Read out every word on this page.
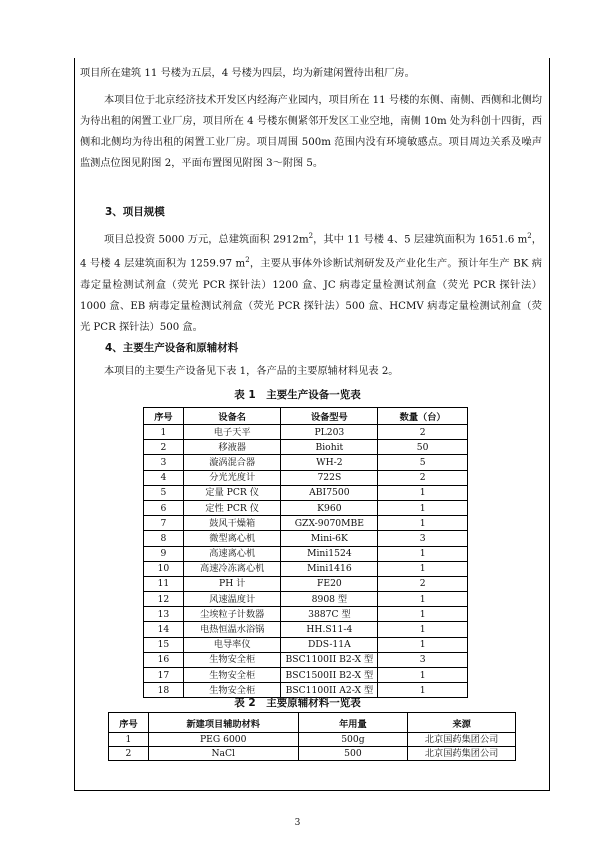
项目所在建筑 11 号楼为五层，4 号楼为四层，均为新建闲置待出租厂房。

本项目位于北京经济技术开发区内经海产业园内，项目所在 11 号楼的东侧、南侧、西侧和北侧均为待出租的闲置工业厂房，项目所在 4 号楼东侧紧邻开发区工业空地，南侧 10m 处为科创十四街，西侧和北侧均为待出租的闲置工业厂房。项目周围 500m 范围内没有环境敏感点。项目周边关系及噪声监测点位图见附图 2，平面布置图见附图 3～附图 5。

3、项目规模

项目总投资 5000 万元，总建筑面积 $2912m^2$，其中 11 号楼 4、5 层建筑面积为 1651.6 $m^2$，4 号楼 4 层建筑面积为 1259.97 $m^2$，主要从事体外诊断试剂研发及产业化生产。预计年生产 BK 病毒定量检测试剂盒（荧光 PCR 探针法）1200 盒、JC 病毒定量检测试剂盒（荧光 PCR 探针法）1000 盒、EB 病毒定量检测试剂盒（荧光 PCR 探针法）500 盒、HCMV 病毒定量检测试剂盒（荧光 PCR 探针法）500 盒。

4、主要生产设备和原辅材料

本项目的主要生产设备见下表 1，各产品的主要原辅材料见表 2。

表 1　主要生产设备一览表
序号	设备名	设备型号	数量（台）
1	电子天平	PL203	2
2	移液器	Biohit	50
3	漩涡混合器	WH-2	5
4	分光光度计	722S	2
5	定量 PCR 仪	ABI7500	1
6	定性 PCR 仪	K960	1
7	鼓风干燥箱	GZX-9070MBE	1
8	微型离心机	Mini-6K	3
9	高速离心机	Mini1524	1
10	高速冷冻离心机	Mini1416	1
11	PH 计	FE20	2
12	风速温度计	8908 型	1
13	尘埃粒子计数器	3887C 型	1
14	电热恒温水浴锅	HH.S11-4	1
15	电导率仪	DDS-11A	1
16	生物安全柜	BSC1100II B2-X 型	3
17	生物安全柜	BSC1500II B2-X 型	1
18	生物安全柜	BSC1100II A2-X 型	1
表 2　主要原辅材料一览表
序号	新建项目辅助材料	年用量	来源
1	PEG 6000	500g	北京国药集团公司
2	NaCl	500	北京国药集团公司
3
